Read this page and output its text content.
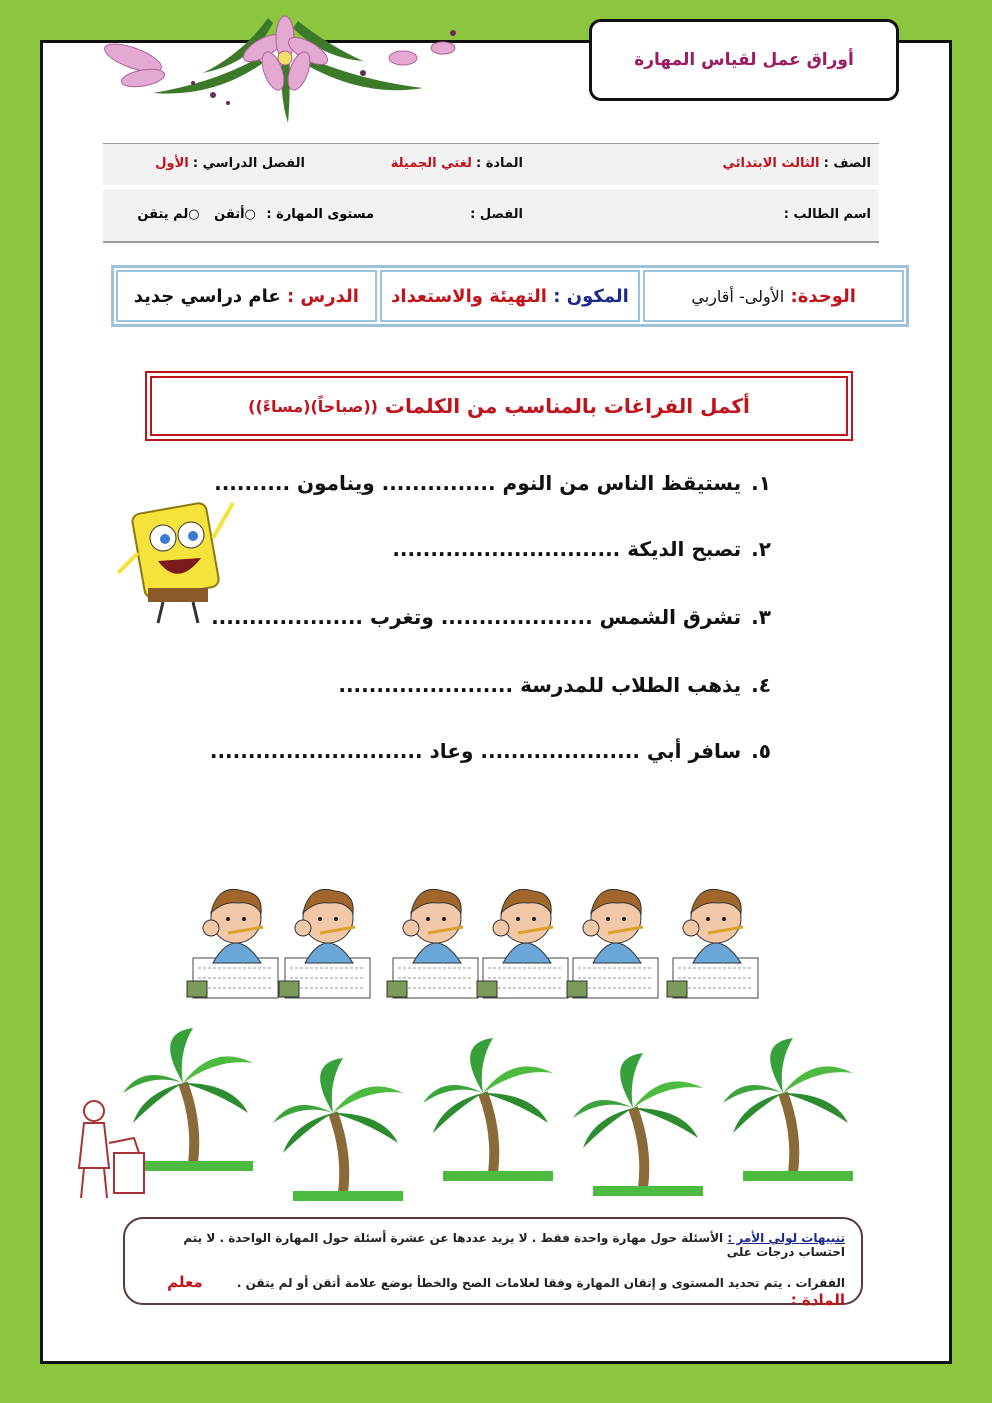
أوراق عمل لقياس المهارة
الصف : الثالث الابتدائي
المادة : لغتي الجميلة
الفصل الدراسي : الأول
اسم الطالب :
الفصل :
مستوى المهارة : ○أتقن ○لم يتقن
الوحدة:

الأولى- أقاربي
المكون :

التهيئة والاستعداد
الدرس :

عام دراسي جديد
أكمل الفراغات بالمناسب من الكلمات

((صباحاً)(مساءً))
١.يستيقظ الناس من النوم ............... وينامون ..........
٢.تصبح الديكة ..............................
٣.تشرق الشمس .................... وتغرب ....................
٤.يذهب الطلاب للمدرسة .......................
٥.سافر أبي ..................... وعاد ............................
تنبيهات لولي الأمر : الأسئلة حول مهارة واحدة فقط . لا يزيد عددها عن عشرة أسئلة حول المهارة الواحدة . لا يتم احتساب درجات على
الفقرات . يتم تحديد المستوى و إتقان المهارة وفقا لعلامات الصح والخطأ بوضع علامة أتقن أو لم يتقن . معلم المادة :
